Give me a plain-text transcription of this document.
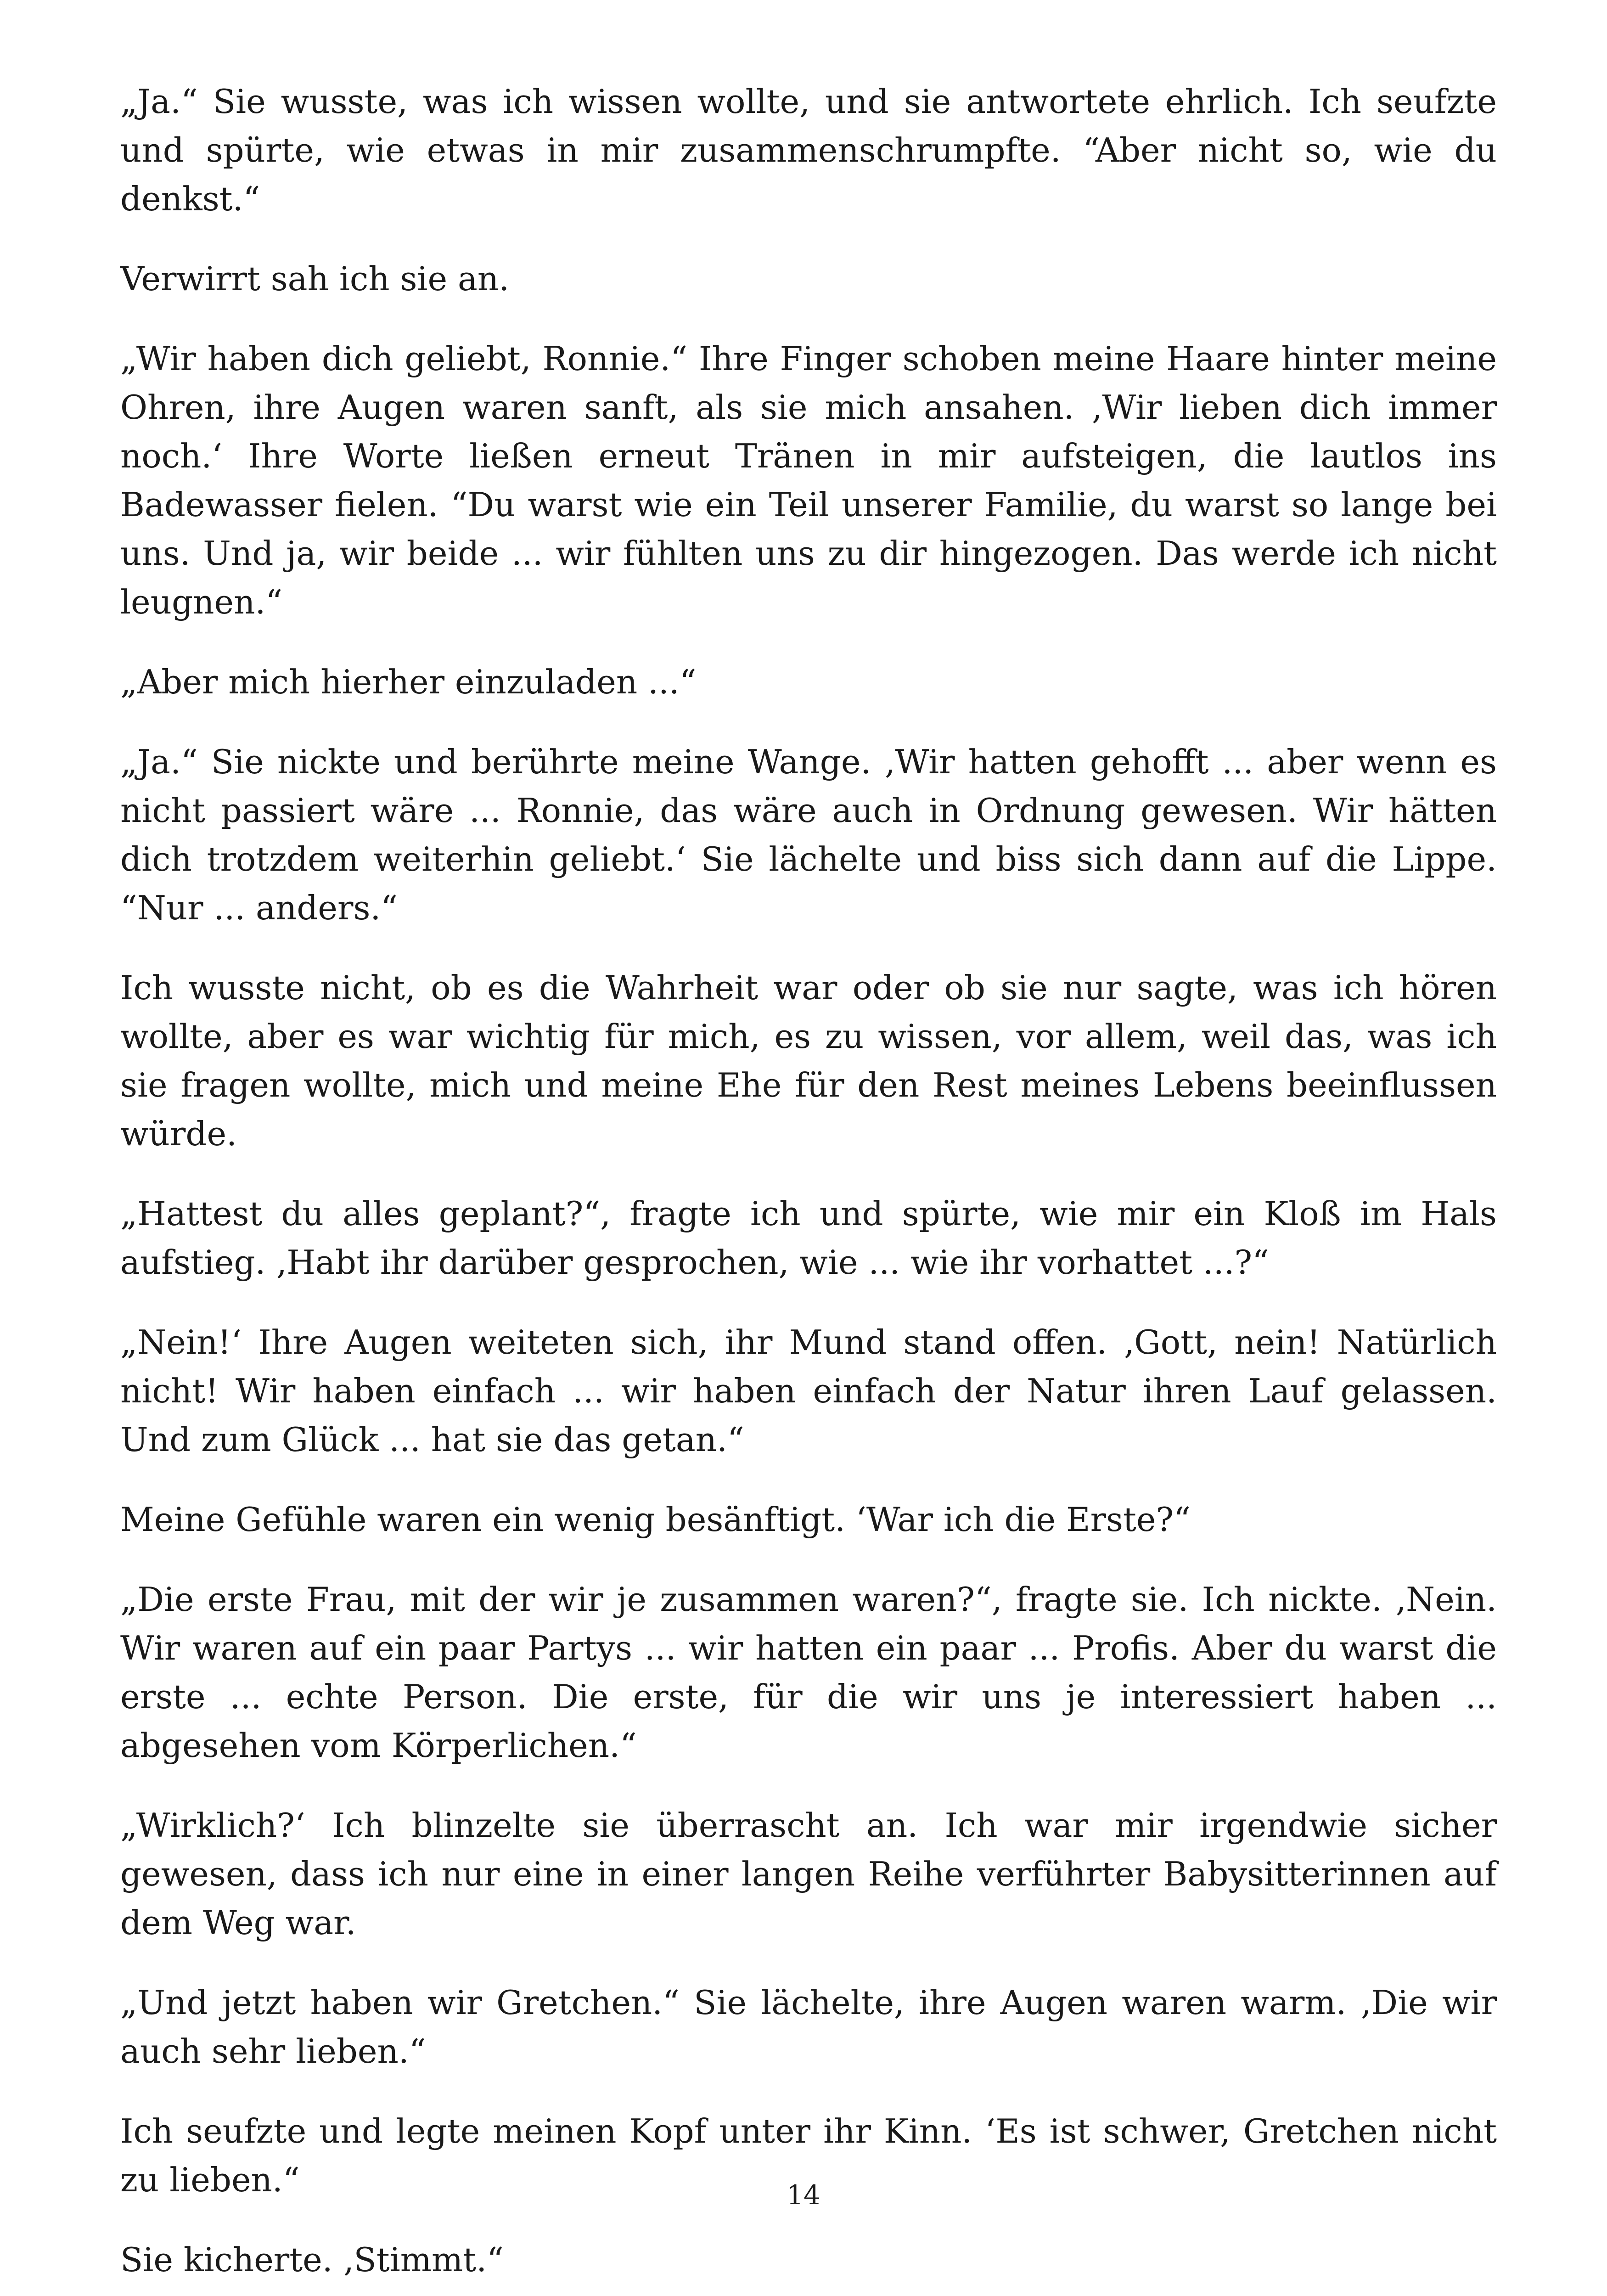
„Ja.“ Sie wusste, was ich wissen wollte, und sie antwortete ehrlich. Ich seufzte und spürte, wie etwas in mir zusammenschrumpfte. “Aber nicht so, wie du denkst.“

Verwirrt sah ich sie an.

„Wir haben dich geliebt, Ronnie.“ Ihre Finger schoben meine Haare hinter meine Ohren, ihre Augen waren sanft, als sie mich ansahen. ‚Wir lieben dich immer noch.‘ Ihre Worte ließen erneut Tränen in mir aufsteigen, die lautlos ins Badewasser fielen. “Du warst wie ein Teil unserer Familie, du warst so lange bei uns. Und ja, wir beide ... wir fühlten uns zu dir hingezogen. Das werde ich nicht leugnen.“

„Aber mich hierher einzuladen ...“

„Ja.“ Sie nickte und berührte meine Wange. ‚Wir hatten gehofft ... aber wenn es nicht passiert wäre ... Ronnie, das wäre auch in Ordnung gewesen. Wir hätten dich trotzdem weiterhin geliebt.‘ Sie lächelte und biss sich dann auf die Lippe. “Nur ... anders.“

Ich wusste nicht, ob es die Wahrheit war oder ob sie nur sagte, was ich hören wollte, aber es war wichtig für mich, es zu wissen, vor allem, weil das, was ich sie fragen wollte, mich und meine Ehe für den Rest meines Lebens beeinflussen würde.

„Hattest du alles geplant?“, fragte ich und spürte, wie mir ein Kloß im Hals aufstieg. ‚Habt ihr darüber gesprochen, wie ... wie ihr vorhattet ...?“

„Nein!‘ Ihre Augen weiteten sich, ihr Mund stand offen. ‚Gott, nein! Natürlich nicht! Wir haben einfach ... wir haben einfach der Natur ihren Lauf gelassen. Und zum Glück ... hat sie das getan.“

Meine Gefühle waren ein wenig besänftigt. ‘War ich die Erste?“

„Die erste Frau, mit der wir je zusammen waren?“, fragte sie. Ich nickte. ‚Nein. Wir waren auf ein paar Partys ... wir hatten ein paar ... Profis. Aber du warst die erste ... echte Person. Die erste, für die wir uns je interessiert haben ... abgesehen vom Körperlichen.“

„Wirklich?‘ Ich blinzelte sie überrascht an. Ich war mir irgendwie sicher gewesen, dass ich nur eine in einer langen Reihe verführter Babysitterinnen auf dem Weg war.

„Und jetzt haben wir Gretchen.“ Sie lächelte, ihre Augen waren warm. ‚Die wir auch sehr lieben.“

Ich seufzte und legte meinen Kopf unter ihr Kinn. ‘Es ist schwer, Gretchen nicht zu lieben.“

Sie kicherte. ‚Stimmt.“

14
